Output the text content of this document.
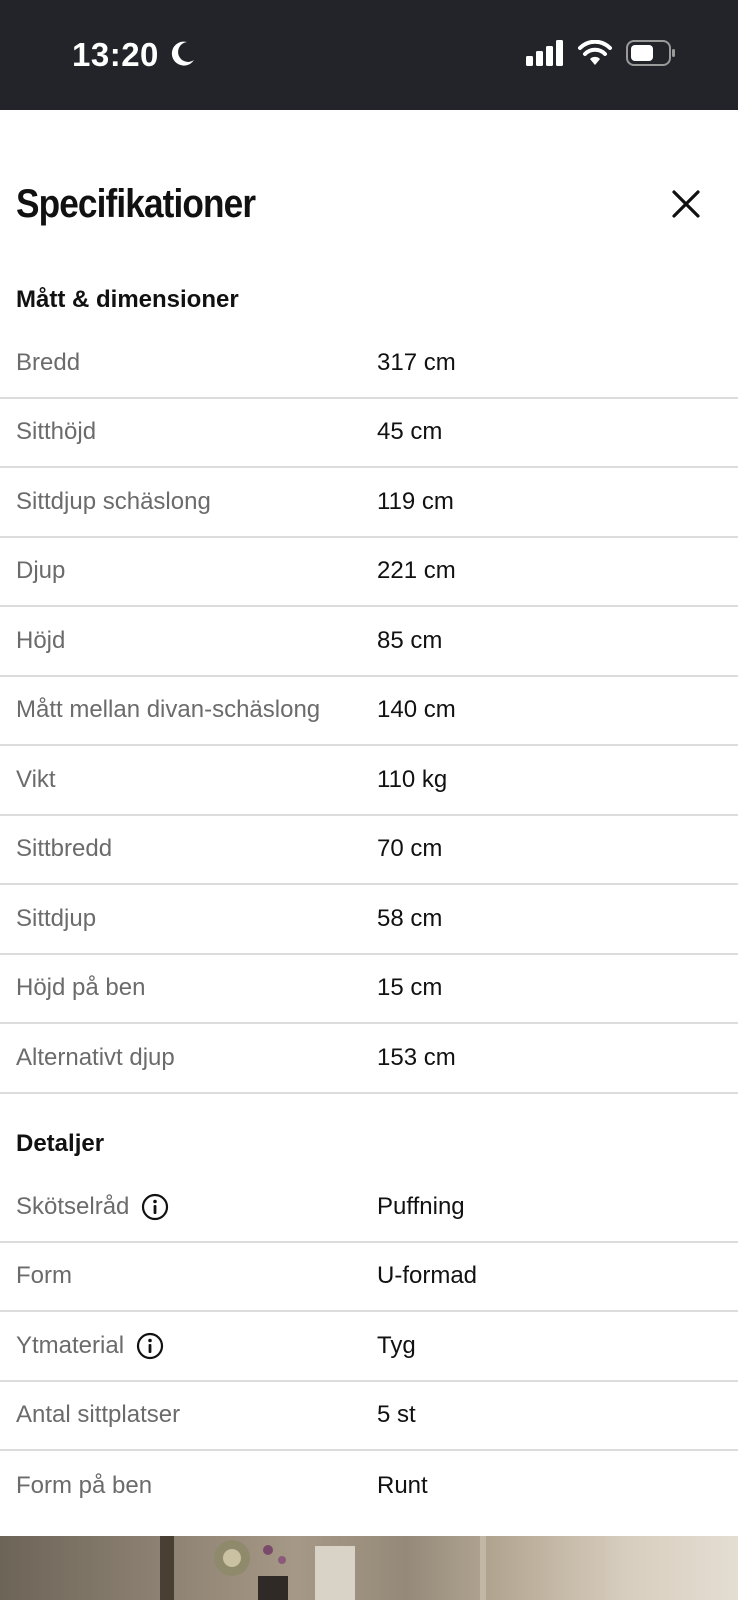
13:20
Specifikationer
Mått & dimensioner
Bredd	317 cm
Sitthöjd	45 cm
Sittdjup schäslong	119 cm
Djup	221 cm
Höjd	85 cm
Mått mellan divan-schäslong 140 cm
Vikt	110 kg
Sittbredd	70 cm
Sittdjup	58 cm
Höjd på ben	15 cm
Alternativt djup	153 cm
Detaljer
Skötselråd	Puffning
Form	U-formad
Ytmaterial	Tyg
Antal sittplatser	5 st
Form på ben	Runt
